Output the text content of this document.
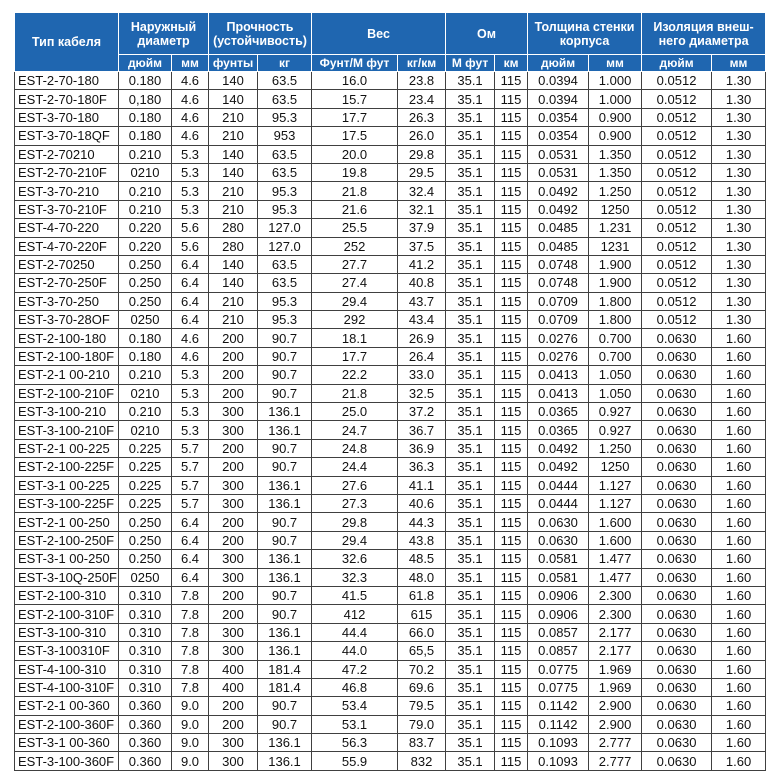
Тип кабеля	Наружный диаметр		Прочность (устойчивость)		Вес		Ом		Толщина стенки корпуса		Изоляция внеш-него диаметра	
	дюйм	мм	фунты	кг	Фунт/М фут	кг/км	М фут	км	дюйм	мм	дюйм	мм
EST-2-70-180	0.180	4.6	140	63.5	16.0	23.8	35.1	115	0.0394	1.000	0.0512	1.30
EST-2-70-180F	0,180	4.6	140	63.5	15.7	23.4	35.1	115	0.0394	1.000	0.0512	1.30
EST-3-70-180	0.180	4.6	210	95.3	17.7	26.3	35.1	115	0.0354	0.900	0.0512	1.30
EST-3-70-18QF	0.180	4.6	210	953	17.5	26.0	35.1	115	0.0354	0.900	0.0512	1.30
EST-2-70210	0.210	5.3	140	63.5	20.0	29.8	35.1	115	0.0531	1.350	0.0512	1.30
EST-2-70-210F	0210	5.3	140	63.5	19.8	29.5	35.1	115	0.0531	1.350	0.0512	1.30
EST-3-70-210	0.210	5.3	210	95.3	21.8	32.4	35.1	115	0.0492	1.250	0.0512	1.30
EST-3-70-210F	0.210	5.3	210	95.3	21.6	32.1	35.1	115	0.0492	1250	0.0512	1.30
EST-4-70-220	0.220	5.6	280	127.0	25.5	37.9	35.1	115	0.0485	1.231	0.0512	1.30
EST-4-70-220F	0.220	5.6	280	127.0	252	37.5	35.1	115	0.0485	1231	0.0512	1.30
EST-2-70250	0.250	6.4	140	63.5	27.7	41.2	35.1	115	0.0748	1.900	0.0512	1.30
EST-2-70-250F	0.250	6.4	140	63.5	27.4	40.8	35.1	115	0.0748	1.900	0.0512	1.30
EST-3-70-250	0.250	6.4	210	95.3	29.4	43.7	35.1	115	0.0709	1.800	0.0512	1.30
EST-3-70-28OF	0250	6.4	210	95.3	292	43.4	35.1	115	0.0709	1.800	0.0512	1.30
EST-2-100-180	0.180	4.6	200	90.7	18.1	26.9	35.1	115	0.0276	0.700	0.0630	1.60
EST-2-100-180F	0.180	4.6	200	90.7	17.7	26.4	35.1	115	0.0276	0.700	0.0630	1.60
EST-2-1 00-210	0.210	5.3	200	90.7	22.2	33.0	35.1	115	0.0413	1.050	0.0630	1.60
EST-2-100-210F	0210	5.3	200	90.7	21.8	32.5	35.1	115	0.0413	1.050	0.0630	1.60
EST-3-100-210	0.210	5.3	300	136.1	25.0	37.2	35.1	115	0.0365	0.927	0.0630	1.60
EST-3-100-210F	0210	5.3	300	136.1	24.7	36.7	35.1	115	0.0365	0.927	0.0630	1.60
EST-2-1 00-225	0.225	5.7	200	90.7	24.8	36.9	35.1	115	0.0492	1.250	0.0630	1.60
EST-2-100-225F	0.225	5.7	200	90.7	24.4	36.3	35.1	115	0.0492	1250	0.0630	1.60
EST-3-1 00-225	0.225	5.7	300	136.1	27.6	41.1	35.1	115	0.0444	1.127	0.0630	1.60
EST-3-100-225F	0.225	5.7	300	136.1	27.3	40.6	35.1	115	0.0444	1.127	0.0630	1.60
EST-2-1 00-250	0.250	6.4	200	90.7	29.8	44.3	35.1	115	0.0630	1.600	0.0630	1.60
EST-2-100-250F	0.250	6.4	200	90.7	29.4	43.8	35.1	115	0.0630	1.600	0.0630	1.60
EST-3-1 00-250	0.250	6.4	300	136.1	32.6	48.5	35.1	115	0.0581	1.477	0.0630	1.60
EST-3-10Q-250F	0250	6.4	300	136.1	32.3	48.0	35.1	115	0.0581	1.477	0.0630	1.60
EST-2-100-310	0.310	7.8	200	90.7	41.5	61.8	35.1	115	0.0906	2.300	0.0630	1.60
EST-2-100-310F	0.310	7.8	200	90.7	412	615	35.1	115	0.0906	2.300	0.0630	1.60
EST-3-100-310	0.310	7.8	300	136.1	44.4	66.0	35.1	115	0.0857	2.177	0.0630	1.60
EST-3-100310F	0.310	7.8	300	136.1	44.0	65,5	35.1	115	0.0857	2.177	0.0630	1.60
EST-4-100-310	0.310	7.8	400	181.4	47.2	70.2	35.1	115	0.0775	1.969	0.0630	1.60
EST-4-100-310F	0.310	7.8	400	181.4	46.8	69.6	35.1	115	0.0775	1.969	0.0630	1.60
EST-2-1 00-360	0.360	9.0	200	90.7	53.4	79.5	35.1	115	0.1142	2.900	0.0630	1.60
EST-2-100-360F	0.360	9.0	200	90.7	53.1	79.0	35.1	115	0.1142	2.900	0.0630	1.60
EST-3-1 00-360	0.360	9.0	300	136.1	56.3	83.7	35.1	115	0.1093	2.777	0.0630	1.60
EST-3-100-360F	0.360	9.0	300	136.1	55.9	832	35.1	115	0.1093	2.777	0.0630	1.60
